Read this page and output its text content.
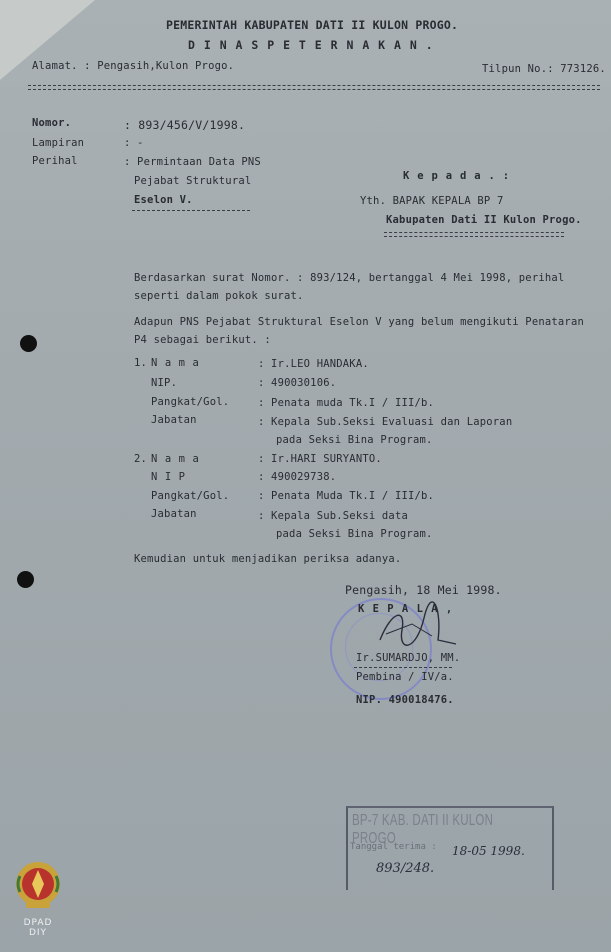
PEMERINTAH KABUPATEN DATI II KULON PROGO.
D I N A S P E T E R N A K A N .
Alamat. : Pengasih,Kulon Progo.	Tilpun No.: 773126.
Nomor.	: 893/456/V/1998.
Lampiran	: -
Perihal	: Permintaan Data PNS
Pejabat Struktural
Eselon V.
K e p a d a . :
Yth. BAPAK KEPALA BP 7
Kabupaten Dati II Kulon Progo.
Berdasarkan surat Nomor. : 893/124, bertanggal 4 Mei 1998, perihal
seperti dalam pokok surat.
Adapun PNS Pejabat Struktural Eselon V yang belum mengikuti Penataran
P4 sebagai berikut. :
1. N a m a	: Ir.LEO HANDAKA.
NIP.	: 490030106.
Pangkat/Gol.	: Penata muda Tk.I / III/b.
Jabatan	: Kepala Sub.Seksi Evaluasi dan Laporan
pada Seksi Bina Program.
2. N a m a	: Ir.HARI SURYANTO.
N I P	: 490029738.
Pangkat/Gol.	: Penata Muda Tk.I / III/b.
Jabatan	: Kepala Sub.Seksi data
pada Seksi Bina Program.
Kemudian untuk menjadikan periksa adanya.
Pengasih, 18 Mei 1998.
K E P A L A ,
Ir.SUMARDJO, MM.
Pembina / IV/a.
NIP. 490018476.
BP-7 KAB. DATI II KULON PROGO
Tanggal terima : 18-05 1998.
893/248.
DPAD
DIY
